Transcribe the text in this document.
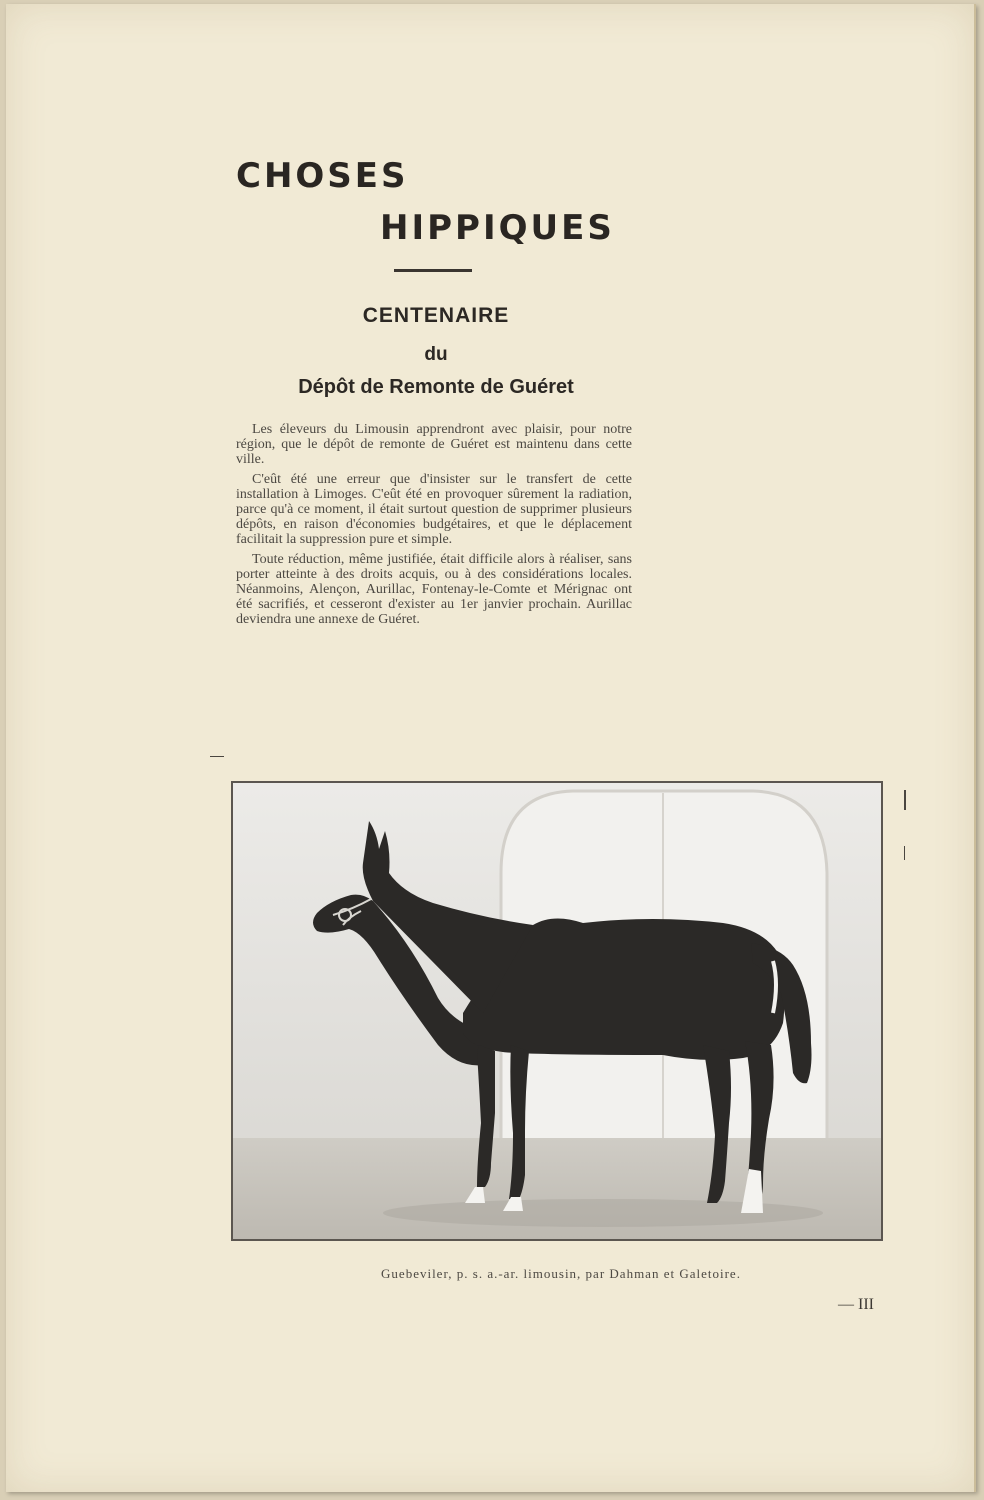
CHOSES
HIPPIQUES
CENTENAIRE
du
Dépôt de Remonte de Guéret

Les éleveurs du Limousin apprendront avec plaisir, pour notre région, que le dépôt de remonte de Guéret est maintenu dans cette ville.

C'eût été une erreur que d'insister sur le transfert de cette installation à Limoges. C'eût été en provoquer sûrement la radiation, parce qu'à ce moment, il était surtout question de supprimer plusieurs dépôts, en raison d'économies budgétaires, et que le déplacement facilitait la suppression pure et simple.

Toute réduction, même justifiée, était difficile alors à réaliser, sans porter atteinte à des droits acquis, ou à des considérations locales. Néanmoins, Alençon, Aurillac, Fontenay-le-Comte et Mérignac ont été sacrifiés, et cesseront d'exister au 1er janvier prochain. Aurillac deviendra une annexe de Guéret.

Guebeviler, p. s. a.-ar. limousin, par Dahman et Galetoire.
— III
